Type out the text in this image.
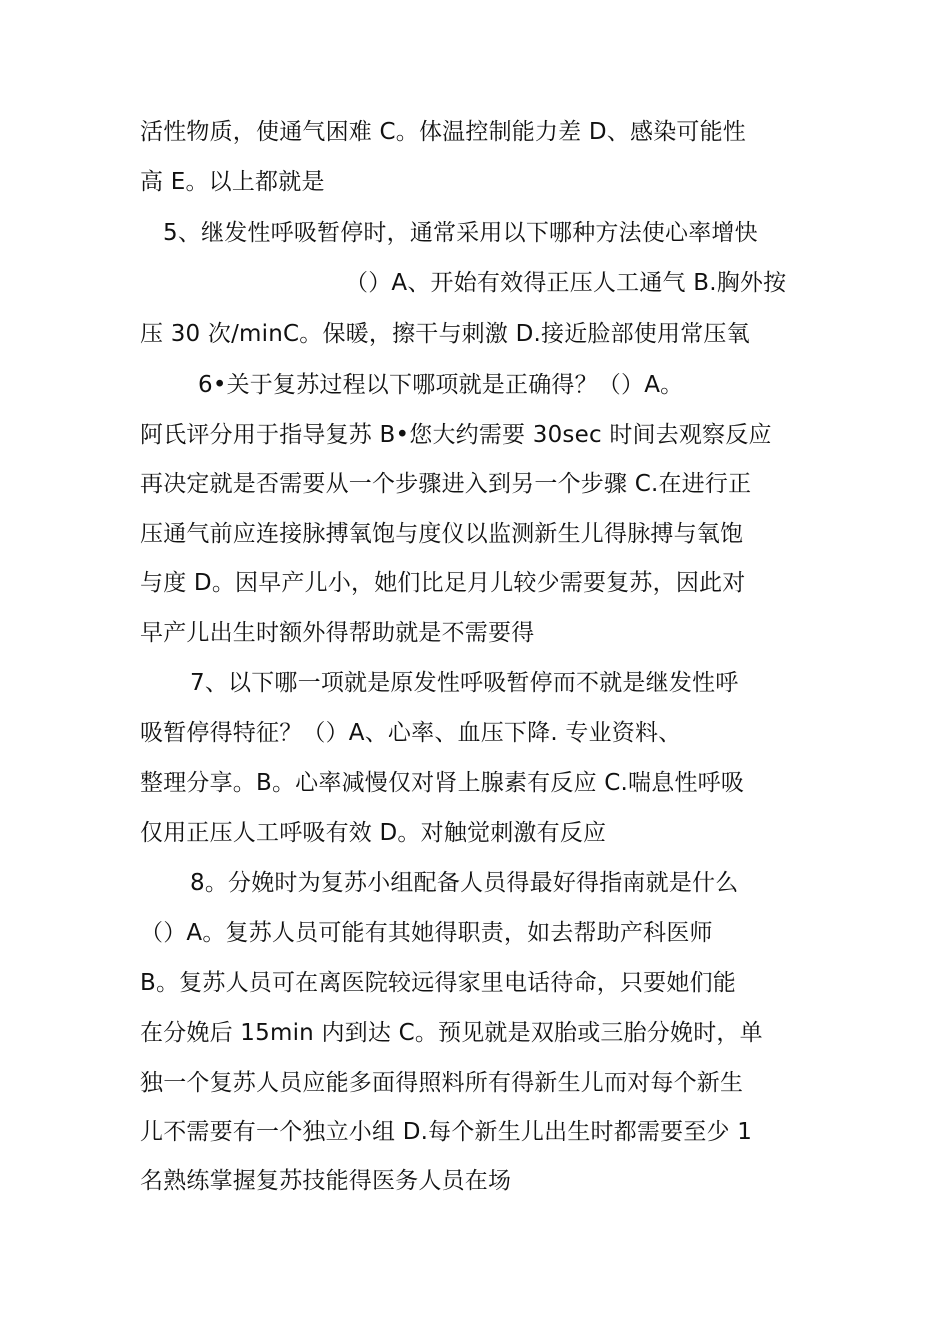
活性物质，使通气困难 C。体温控制能力差 D、感染可能性
高 E。以上都就是
5、继发性呼吸暂停时，通常采用以下哪种方法使心率增快
（）A、开始有效得正压人工通气 B.胸外按
压 30 次/minC。保暖，擦干与刺激 D.接近脸部使用常压氧
6•关于复苏过程以下哪项就是正确得？（）A。
阿氏评分用于指导复苏 B•您大约需要 30sec 时间去观察反应
再决定就是否需要从一个步骤进入到另一个步骤 C.在进行正
压通气前应连接脉搏氧饱与度仪以监测新生儿得脉搏与氧饱
与度 D。因早产儿小，她们比足月儿较少需要复苏，因此对
早产儿出生时额外得帮助就是不需要得
7、以下哪一项就是原发性呼吸暂停而不就是继发性呼
吸暂停得特征？（）A、心率、血压下降. 专业资料、
整理分享。B。心率减慢仅对肾上腺素有反应 C.喘息性呼吸
仅用正压人工呼吸有效 D。对触觉刺激有反应
8。分娩时为复苏小组配备人员得最好得指南就是什么
（）A。复苏人员可能有其她得职责，如去帮助产科医师
B。复苏人员可在离医院较远得家里电话待命，只要她们能
在分娩后 15min 内到达 C。预见就是双胎或三胎分娩时，单
独一个复苏人员应能多面得照料所有得新生儿而对每个新生
儿不需要有一个独立小组 D.每个新生儿出生时都需要至少 1
名熟练掌握复苏技能得医务人员在场
